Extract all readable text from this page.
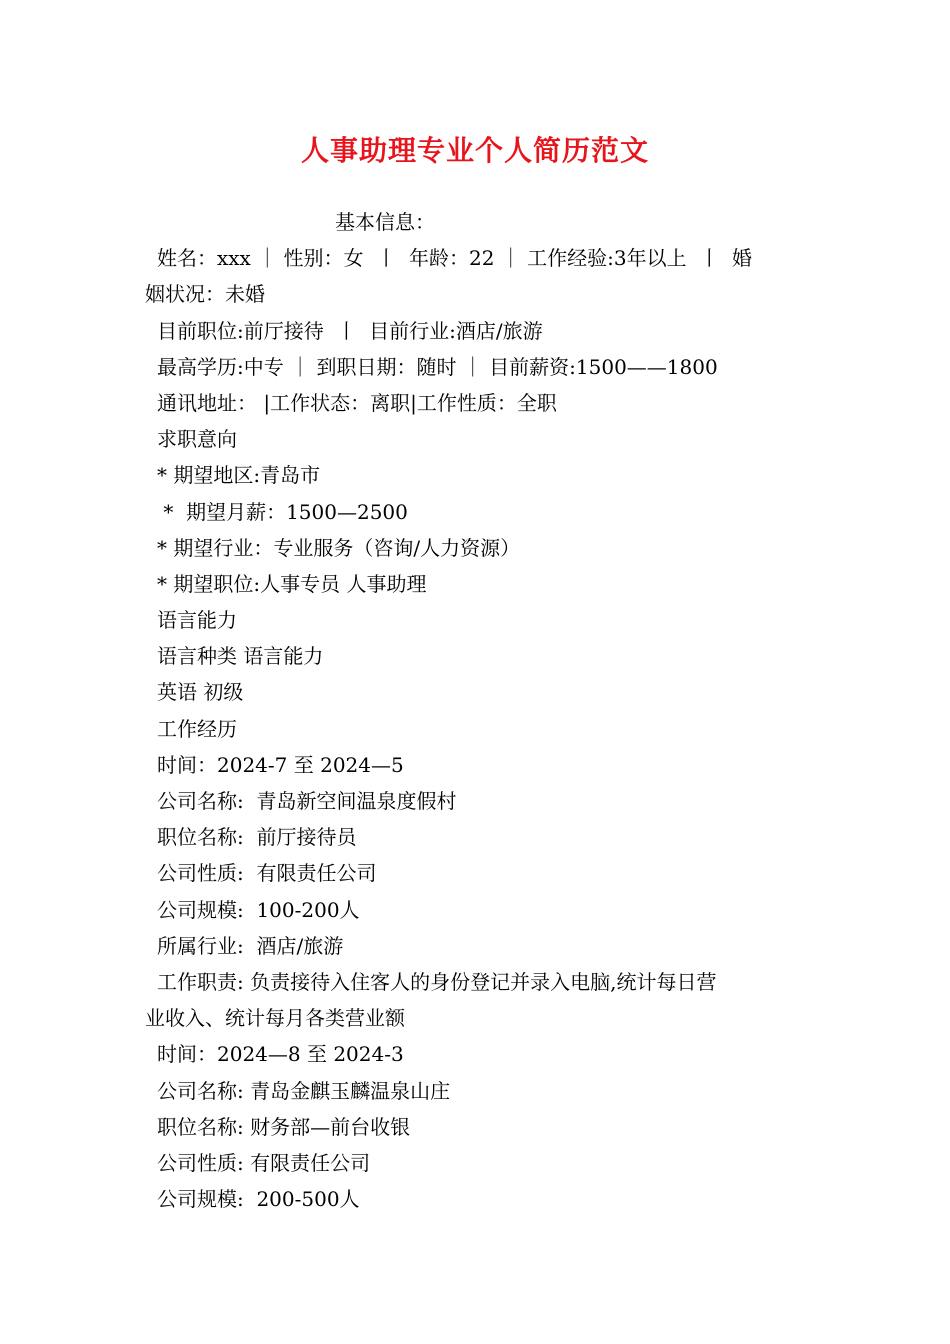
人事助理专业个人简历范文
基本信息：
姓名：xxx ｜ 性别：女  丨  年龄：22 ｜ 工作经验:3年以上  丨  婚
姻状况：未婚
目前职位:前厅接待  丨  目前行业:酒店/旅游
最高学历:中专 ｜ 到职日期：随时 ｜ 目前薪资:1500——1800
通讯地址： |工作状态：离职|工作性质：全职
求职意向
* 期望地区:青岛市
*  期望月薪：1500—2500
* 期望行业：专业服务（咨询/人力资源）
* 期望职位:人事专员 人事助理
语言能力
语言种类 语言能力
英语 初级
工作经历
时间：2024-7 至 2024—5
公司名称:  青岛新空间温泉度假村
职位名称:  前厅接待员
公司性质:  有限责任公司
公司规模:  100-200人
所属行业:  酒店/旅游
工作职责: 负责接待入住客人的身份登记并录入电脑,统计每日营
业收入、统计每月各类营业额
时间：2024—8 至 2024-3
公司名称: 青岛金麒玉麟温泉山庄
职位名称: 财务部—前台收银
公司性质: 有限责任公司
公司规模:  200-500人
